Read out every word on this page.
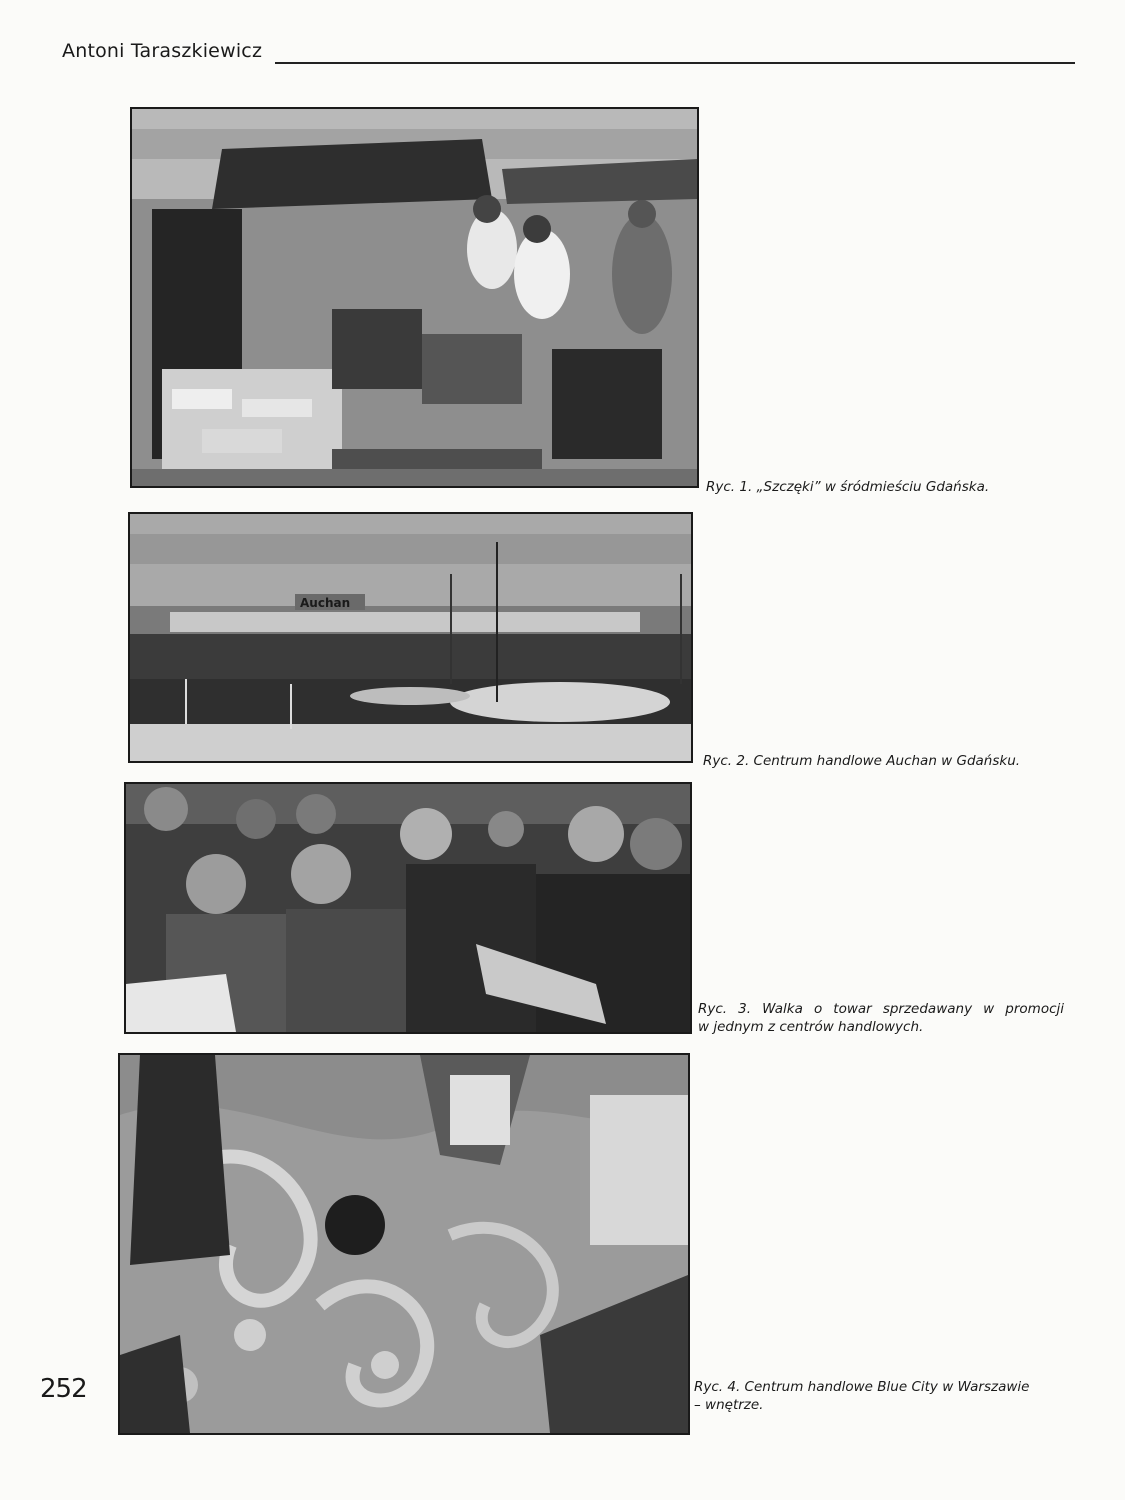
Antoni Taraszkiewicz
Ryc. 1. „Szczęki” w śródmieściu Gdańska.
Auchan
Ryc. 2. Centrum handlowe Auchan w Gdańsku.
Ryc. 3. Walka o towar sprzedawany w promocji
w jednym z centrów handlowych.
Ryc. 4. Centrum handlowe Blue City w Warszawie
– wnętrze.
252
